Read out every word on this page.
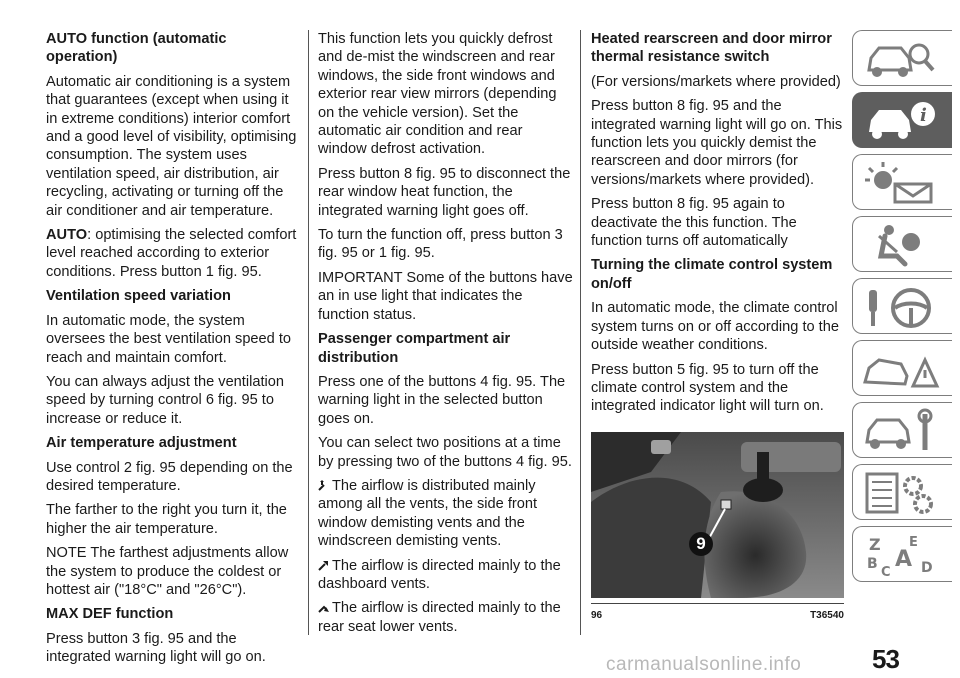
AUTO function (automatic operation)

Automatic air conditioning is a system that guarantees (except when using it in extreme conditions) interior comfort and a good level of visibility, optimising consumption. The system uses ventilation speed, air distribution, air recycling, activating or turning off the air conditioner and air temperature.

AUTO: optimising the selected comfort level reached according to exterior conditions. Press button 1 fig. 95.

Ventilation speed variation

In automatic mode, the system oversees the best ventilation speed to reach and maintain comfort.

You can always adjust the ventilation speed by turning control 6 fig. 95 to increase or reduce it.

Air temperature adjustment

Use control 2 fig. 95 depending on the desired temperature.

The farther to the right you turn it, the higher the air temperature.

NOTE The farthest adjustments allow the system to produce the coldest or hottest air ("18°C" and "26°C").

MAX DEF function

Press button 3 fig. 95 and the integrated warning light will go on.

This function lets you quickly defrost and de-mist the windscreen and rear windows, the side front windows and exterior rear view mirrors (depending on the vehicle version). Set the automatic air condition and rear window defrost activation.

Press button 8 fig. 95 to disconnect the rear window heat function, the integrated warning light goes off.

To turn the function off, press button 3 fig. 95 or 1 fig. 95.

IMPORTANT Some of the buttons have an in use light that indicates the function status.

Passenger compartment air distribution

Press one of the buttons 4 fig. 95. The warning light in the selected button goes on.

You can select two positions at a time by pressing two of the buttons 4 fig. 95.

The airflow is distributed mainly among all the vents, the side front window demisting vents and the windscreen demisting vents.

The airflow is directed mainly to the dashboard vents.

The airflow is directed mainly to the rear seat lower vents.

Heated rearscreen and door mirror thermal resistance switch

(For versions/markets where provided)

Press button 8 fig. 95 and the integrated warning light will go on. This function lets you quickly demist the rearscreen and door mirrors (for versions/markets where provided).

Press button 8 fig. 95 again to deactivate the this function. The function turns off automatically

Turning the climate control system on/off

In automatic mode, the climate control system turns on or off according to the outside weather conditions.

Press button 5 fig. 95 to turn off the climate control system and the integrated indicator light will turn on.

9
96	T36540
i
Z E
A
B
C D
53
carmanualsonline.info
